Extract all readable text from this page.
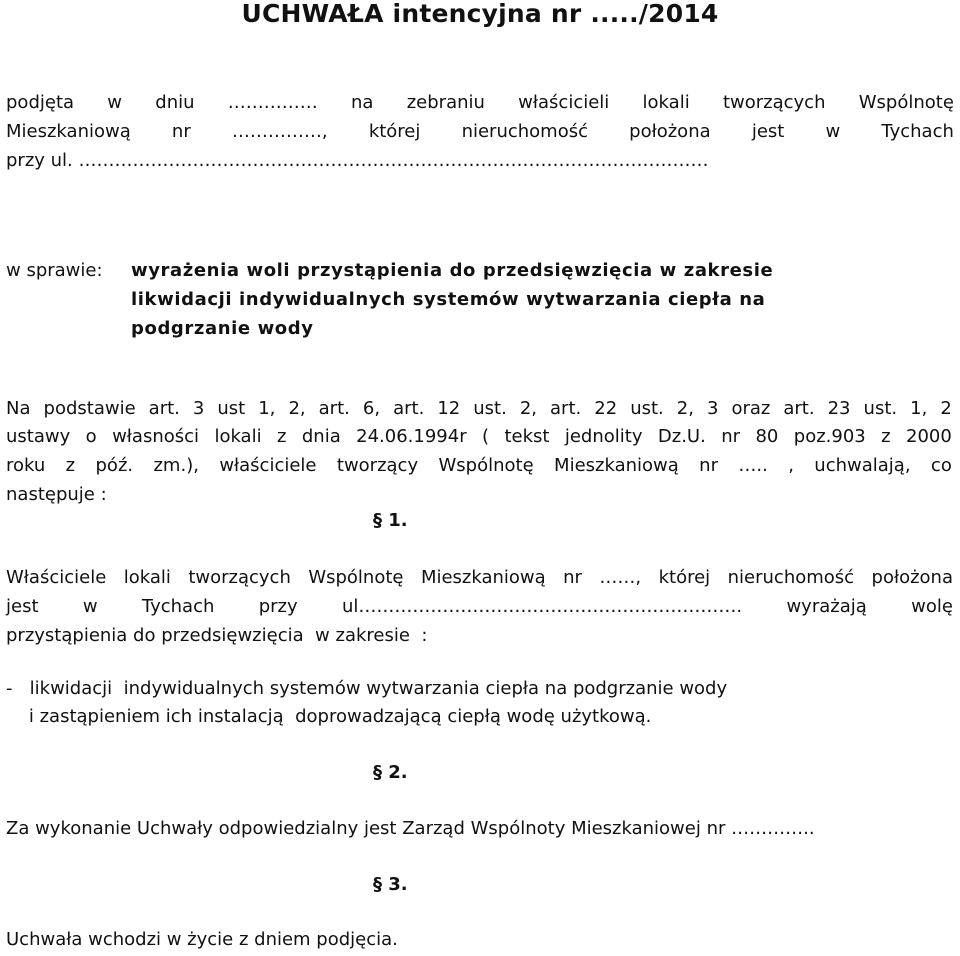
UCHWAŁA intencyjna nr ...../2014
podjęta w dniu …………… na zebraniu właścicieli lokali tworzących Wspólnotę
Mieszkaniową nr ……………, której nieruchomość położona jest w Tychach
przy ul. ……………………………………………………………………………………………
w sprawie: wyrażenia woli przystąpienia do przedsięwzięcia w zakresie
likwidacji indywidualnych systemów wytwarzania ciepła na
podgrzanie wody
Na podstawie art. 3 ust 1, 2, art. 6, art. 12 ust. 2, art. 22 ust. 2, 3 oraz art. 23 ust. 1, 2
ustawy o własności lokali z dnia 24.06.1994r ( tekst jednolity Dz.U. nr 80 poz.903 z 2000
roku z póź. zm.), właściciele tworzący Wspólnotę Mieszkaniową nr ….. , uchwalają, co
następuje :
§ 1.
Właściciele lokali tworzących Wspólnotę Mieszkaniową nr ……, której nieruchomość położona
jest w Tychach przy ul………………………………………………………. wyrażają wolę
przystąpienia do przedsięwzięcia  w zakresie  :
-   likwidacji  indywidualnych systemów wytwarzania ciepła na podgrzanie wody
i zastąpieniem ich instalacją  doprowadzającą ciepłą wodę użytkową.
§ 2.
Za wykonanie Uchwały odpowiedzialny jest Zarząd Wspólnoty Mieszkaniowej nr …………..
§ 3.
Uchwała wchodzi w życie z dniem podjęcia.
